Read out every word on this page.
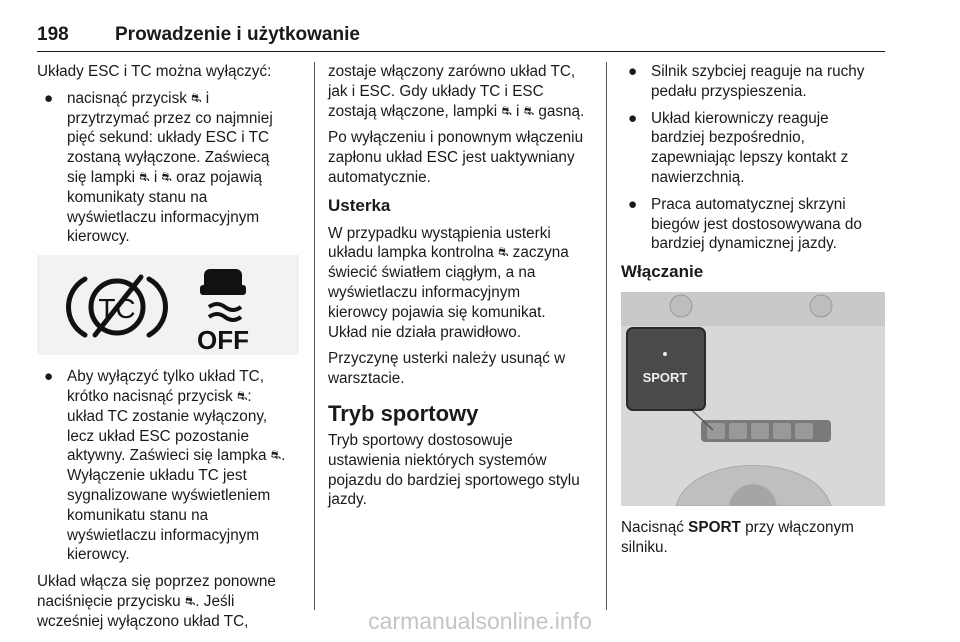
198 Prowadzenie i użytkowanie

Układy ESC i TC można wyłączyć:

● nacisnąć przycisk ⛐ i
przytrzymać przez co najmniej
pięć sekund: układy ESC i TC
zostaną wyłączone. Zaświecą
się lampki ⛐ i ⛐ oraz pojawią
komunikaty stanu na
wyświetlaczu informacyjnym
kierowcy.
TC
OFF
● Aby wyłączyć tylko układ TC,
krótko nacisnąć przycisk ⛐:
układ TC zostanie wyłączony,
lecz układ ESC pozostanie
aktywny. Zaświeci się lampka ⛐.
Wyłączenie układu TC jest
sygnalizowane wyświetleniem
komunikatu stanu na
wyświetlaczu informacyjnym
kierowcy.

Układ włącza się poprzez ponowne
naciśnięcie przycisku ⛐. Jeśli
wcześniej wyłączono układ TC,

zostaje włączony zarówno układ TC,
jak i ESC. Gdy układy TC i ESC
zostają włączone, lampki ⛐ i ⛐ gasną.

Po wyłączeniu i ponownym włączeniu
zapłonu układ ESC jest uaktywniany
automatycznie.

Usterka

W przypadku wystąpienia usterki
układu lampka kontrolna ⛐ zaczyna
świecić światłem ciągłym, a na
wyświetlaczu informacyjnym
kierowcy pojawia się komunikat.
Układ nie działa prawidłowo.

Przyczynę usterki należy usunąć w
warsztacie.

Tryb sportowy

Tryb sportowy dostosowuje
ustawienia niektórych systemów
pojazdu do bardziej sportowego stylu
jazdy.

● Silnik szybciej reaguje na ruchy
pedału przyspieszenia.
● Układ kierowniczy reaguje
bardziej bezpośrednio,
zapewniając lepszy kontakt z
nawierzchnią.
● Praca automatycznej skrzyni
biegów jest dostosowywana do
bardziej dynamicznej jazdy.
Włączanie
SPORT

Nacisnąć SPORT przy włączonym
silniku.

carmanualsonline.info
